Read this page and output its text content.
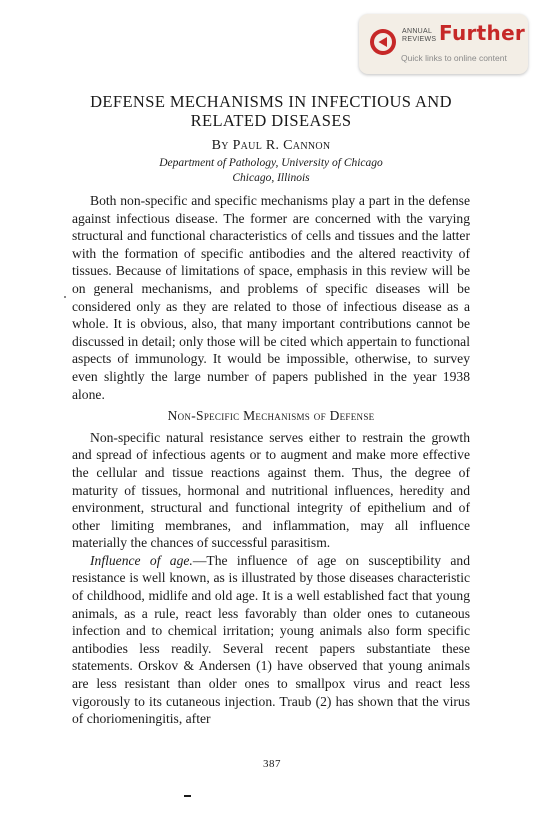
ANNUAL
REVIEWS Further
Quick links to online content
DEFENSE MECHANISMS IN INFECTIOUS AND
RELATED DISEASES
By Paul R. Cannon
Department of Pathology, University of Chicago
Chicago, Illinois

Both non-specific and specific mechanisms play a part in the defense against infectious disease. The former are concerned with the varying structural and functional characteristics of cells and tissues and the latter with the formation of specific antibodies and the altered reactivity of tissues. Because of limitations of space, emphasis in this review will be on general mechanisms, and problems of specific diseases will be considered only as they are related to those of infectious disease as a whole. It is obvious, also, that many important contributions cannot be discussed in detail; only those will be cited which appertain to functional aspects of immunology. It would be impossible, otherwise, to survey even slightly the large number of papers published in the year 1938 alone.

Non-Specific Mechanisms of Defense

Non-specific natural resistance serves either to restrain the growth and spread of infectious agents or to augment and make more effective the cellular and tissue reactions against them. Thus, the degree of maturity of tissues, hormonal and nutritional influences, heredity and environment, structural and functional integrity of epithelium and of other limiting membranes, and inflammation, may all influence materially the chances of successful parasitism.

Influence of age.—The influence of age on susceptibility and resistance is well known, as is illustrated by those diseases characteristic of childhood, midlife and old age. It is a well established fact that young animals, as a rule, react less favorably than older ones to cutaneous infection and to chemical irritation; young animals also form specific antibodies less readily. Several recent papers substantiate these statements. Orskov & Andersen (1) have observed that young animals are less resistant than older ones to smallpox virus and react less vigorously to its cutaneous injection. Traub (2) has shown that the virus of choriomeningitis, after

387
